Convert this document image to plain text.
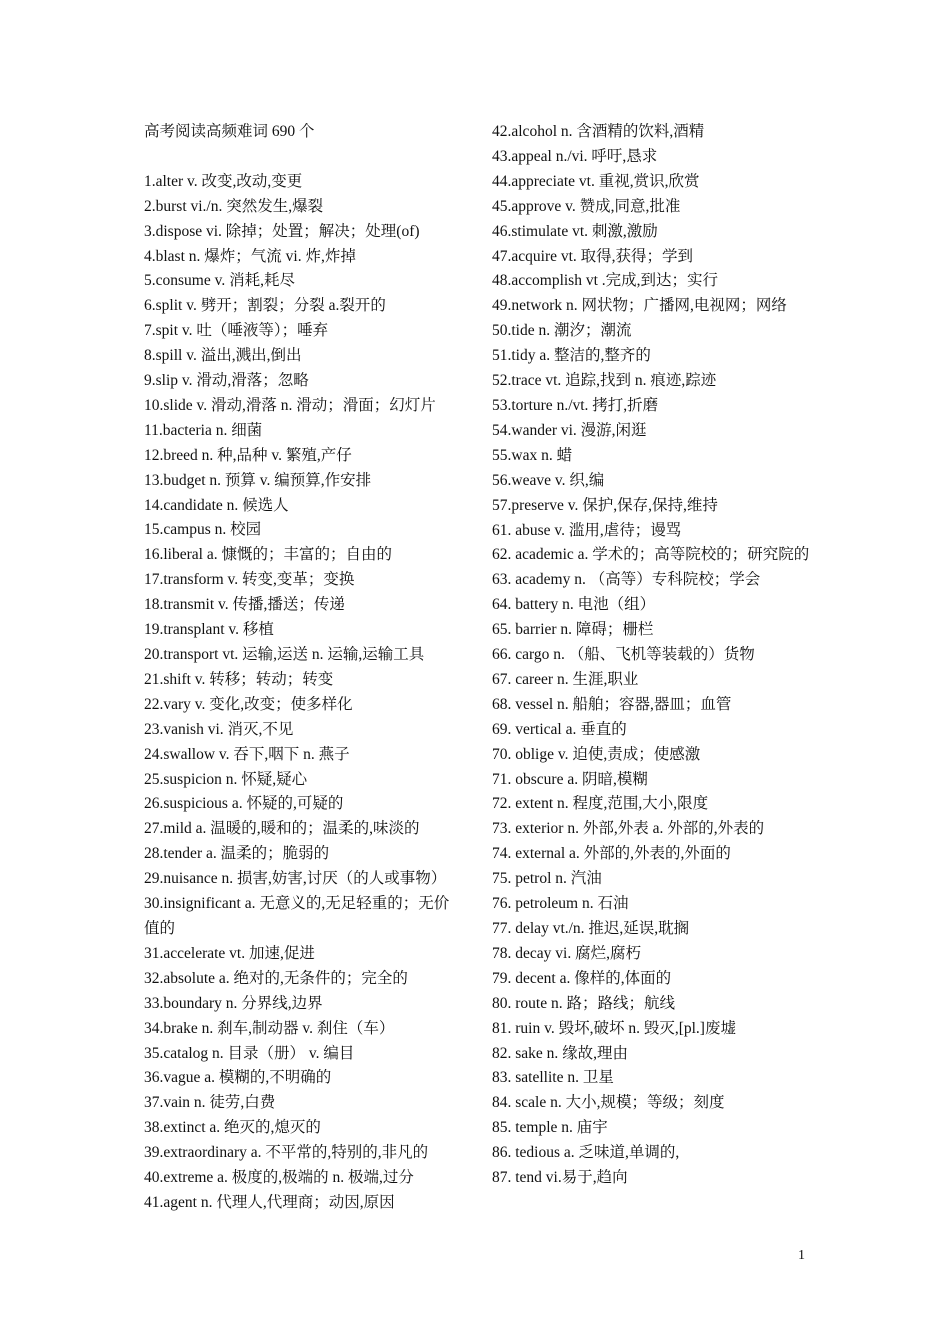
高考阅读高频难词 690 个
1.alter v. 改变,改动,变更
2.burst vi./n. 突然发生,爆裂
3.dispose vi. 除掉；处置；解决；处理(of)
4.blast n. 爆炸；气流 vi. 炸,炸掉
5.consume v. 消耗,耗尽
6.split v. 劈开；割裂；分裂 a.裂开的
7.spit v. 吐（唾液等）；唾弃
8.spill v. 溢出,溅出,倒出
9.slip v. 滑动,滑落；忽略
10.slide v. 滑动,滑落 n. 滑动；滑面；幻灯片
11.bacteria n. 细菌
12.breed n. 种,品种 v. 繁殖,产仔
13.budget n. 预算 v. 编预算,作安排
14.candidate n. 候选人
15.campus n. 校园
16.liberal a. 慷慨的；丰富的；自由的
17.transform v. 转变,变革；变换
18.transmit v. 传播,播送；传递
19.transplant v. 移植
20.transport vt. 运输,运送 n. 运输,运输工具
21.shift v. 转移；转动；转变
22.vary v. 变化,改变；使多样化
23.vanish vi. 消灭,不见
24.swallow v. 吞下,咽下 n. 燕子
25.suspicion n. 怀疑,疑心
26.suspicious a. 怀疑的,可疑的
27.mild a. 温暖的,暖和的；温柔的,味淡的
28.tender a. 温柔的；脆弱的
29.nuisance n. 损害,妨害,讨厌（的人或事物）
30.insignificant a. 无意义的,无足轻重的；无价值的
31.accelerate vt. 加速,促进
32.absolute a. 绝对的,无条件的；完全的
33.boundary n. 分界线,边界
34.brake n. 刹车,制动器 v. 刹住（车）
35.catalog n. 目录（册） v. 编目
36.vague a. 模糊的,不明确的
37.vain n. 徒劳,白费
38.extinct a. 绝灭的,熄灭的
39.extraordinary a. 不平常的,特别的,非凡的
40.extreme a. 极度的,极端的 n. 极端,过分
41.agent n. 代理人,代理商；动因,原因
42.alcohol n. 含酒精的饮料,酒精
43.appeal n./vi. 呼吁,恳求
44.appreciate vt. 重视,赏识,欣赏
45.approve v. 赞成,同意,批准
46.stimulate vt. 刺激,激励
47.acquire vt. 取得,获得；学到
48.accomplish vt .完成,到达；实行
49.network n. 网状物；广播网,电视网；网络
50.tide n. 潮汐；潮流
51.tidy a. 整洁的,整齐的
52.trace vt. 追踪,找到 n. 痕迹,踪迹
53.torture n./vt. 拷打,折磨
54.wander vi. 漫游,闲逛
55.wax n. 蜡
56.weave v. 织,编
57.preserve v. 保护,保存,保持,维持
61. abuse v. 滥用,虐待；谩骂
62. academic a. 学术的；高等院校的；研究院的
63. academy n. （高等）专科院校；学会
64. battery n. 电池（组）
65. barrier n. 障碍；栅栏
66. cargo n. （船、飞机等装载的）货物
67. career n. 生涯,职业
68. vessel n. 船舶；容器,器皿；血管
69. vertical a. 垂直的
70. oblige v. 迫使,责成；使感激
71. obscure a. 阴暗,模糊
72. extent n. 程度,范围,大小,限度
73. exterior n. 外部,外表 a. 外部的,外表的
74. external a. 外部的,外表的,外面的
75. petrol n. 汽油
76. petroleum n. 石油
77. delay vt./n. 推迟,延误,耽搁
78. decay vi. 腐烂,腐朽
79. decent a. 像样的,体面的
80. route n. 路；路线；航线
81. ruin v. 毁坏,破坏 n. 毁灭,[pl.]废墟
82. sake n. 缘故,理由
83. satellite n. 卫星
84. scale n. 大小,规模；等级；刻度
85. temple n. 庙宇
86. tedious a. 乏味道,单调的,
87. tend vi.易于,趋向
1
